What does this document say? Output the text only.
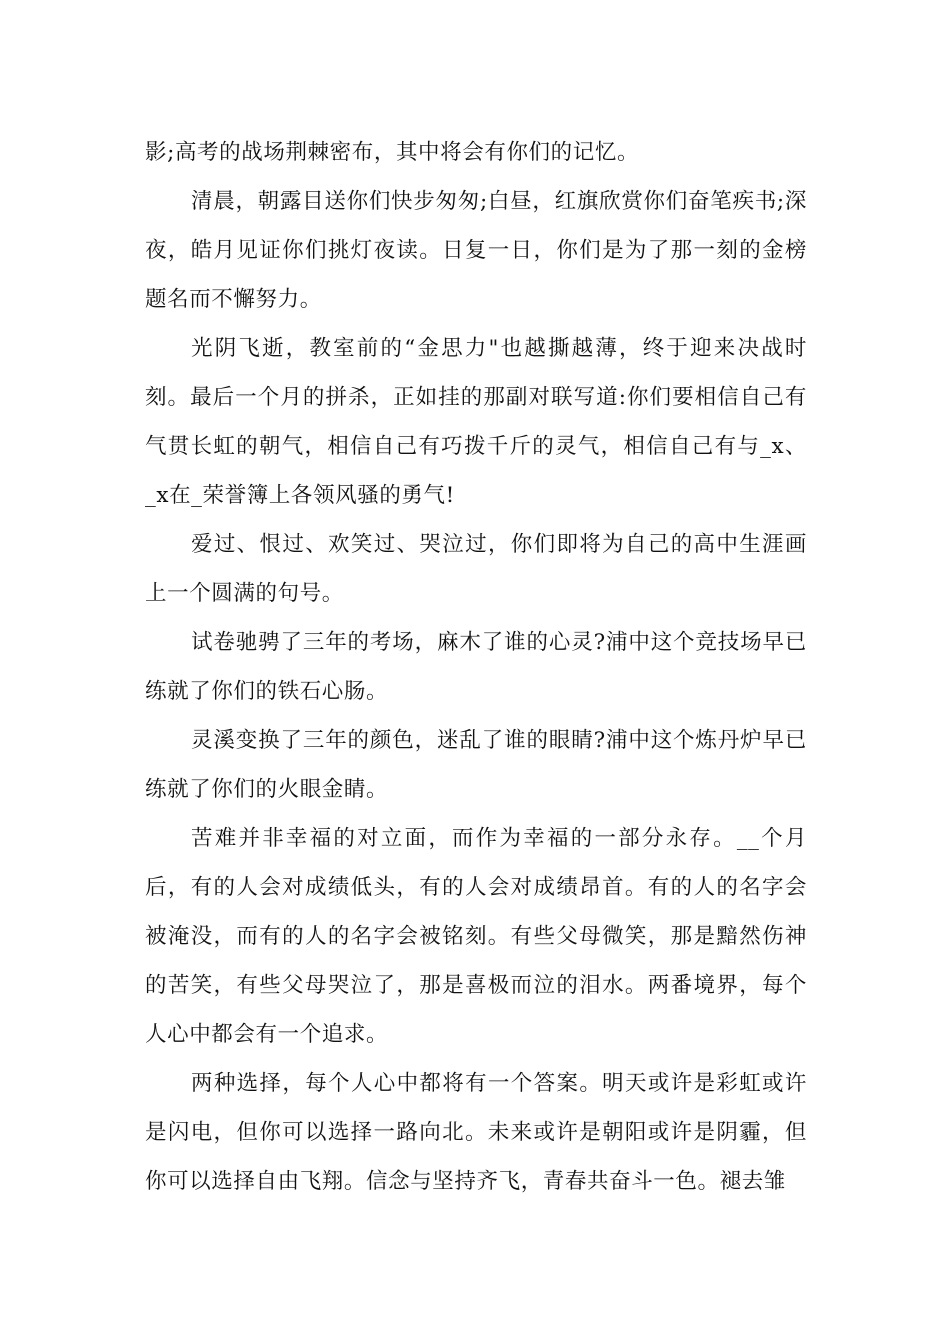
影;高考的战场荆棘密布，其中将会有你们的记忆。

清晨，朝露目送你们快步匆匆;白昼，红旗欣赏你们奋笔疾书;深夜，皓月见证你们挑灯夜读。日复一日，你们是为了那一刻的金榜题名而不懈努力。

光阴飞逝，教室前的“金思力"也越撕越薄，终于迎来决战时刻。最后一个月的拼杀，正如挂的那副对联写道:你们要相信自己有气贯长虹的朝气，相信自己有巧拨千斤的灵气，相信自己有与_x、_x在_荣誉簿上各领风骚的勇气!

爱过、恨过、欢笑过、哭泣过，你们即将为自己的高中生涯画上一个圆满的句号。

试卷驰骋了三年的考场，麻木了谁的心灵?浦中这个竞技场早已练就了你们的铁石心肠。

灵溪变换了三年的颜色，迷乱了谁的眼睛?浦中这个炼丹炉早已练就了你们的火眼金睛。

苦难并非幸福的对立面，而作为幸福的一部分永存。__个月后，有的人会对成绩低头，有的人会对成绩昂首。有的人的名字会被淹没，而有的人的名字会被铭刻。有些父母微笑，那是黯然伤神的苦笑，有些父母哭泣了，那是喜极而泣的泪水。两番境界，每个人心中都会有一个追求。

两种选择，每个人心中都将有一个答案。明天或许是彩虹或许是闪电，但你可以选择一路向北。未来或许是朝阳或许是阴霾，但你可以选择自由飞翔。信念与坚持齐飞，青春共奋斗一色。褪去雏
